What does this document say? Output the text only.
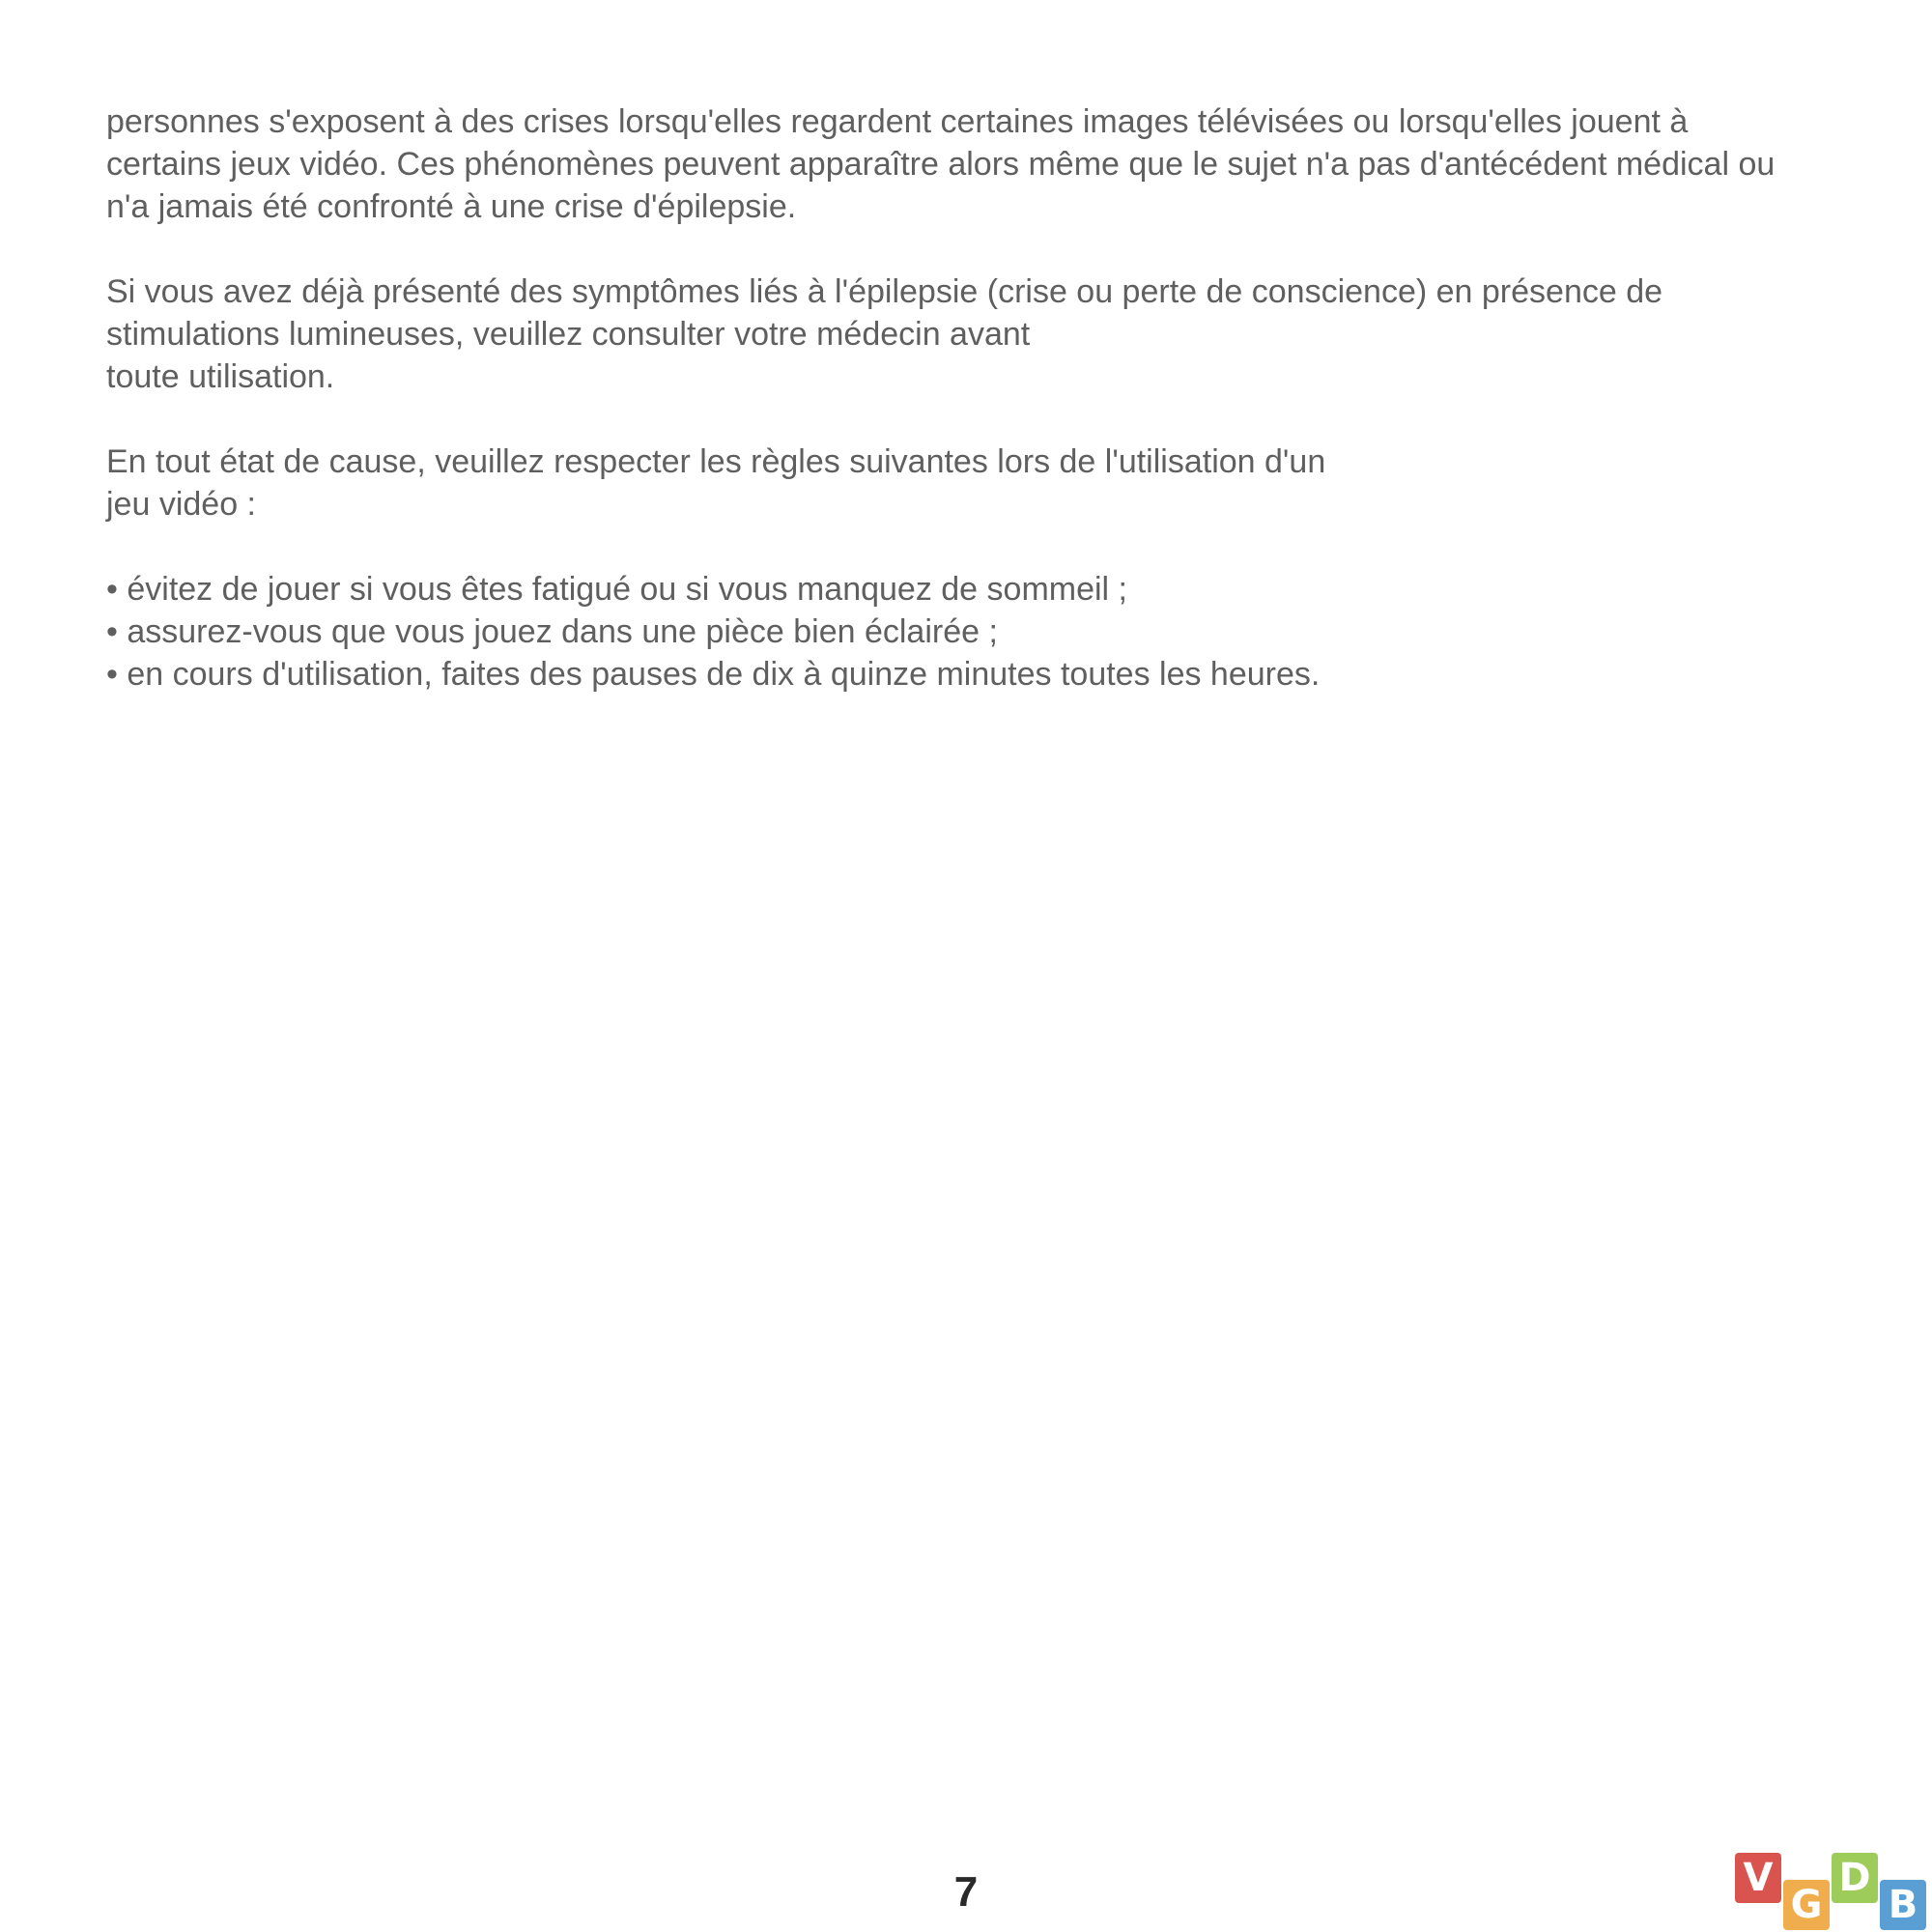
personnes s'exposent à des crises lorsqu'elles regardent certaines images télévisées ou lorsqu'elles jouent à
certains jeux vidéo. Ces phénomènes peuvent apparaître alors même que le sujet n'a pas d'antécédent médical ou
n'a jamais été confronté à une crise d'épilepsie.
Si vous avez déjà présenté des symptômes liés à l'épilepsie (crise ou perte de conscience) en présence de
stimulations lumineuses, veuillez consulter votre médecin avant
toute utilisation.
En tout état de cause, veuillez respecter les règles suivantes lors de l'utilisation d'un
jeu vidéo :
• évitez de jouer si vous êtes fatigué ou si vous manquez de sommeil ;
• assurez-vous que vous jouez dans une pièce bien éclairée ;
• en cours d'utilisation, faites des pauses de dix à quinze minutes toutes les heures.
7	V
G
D
B
